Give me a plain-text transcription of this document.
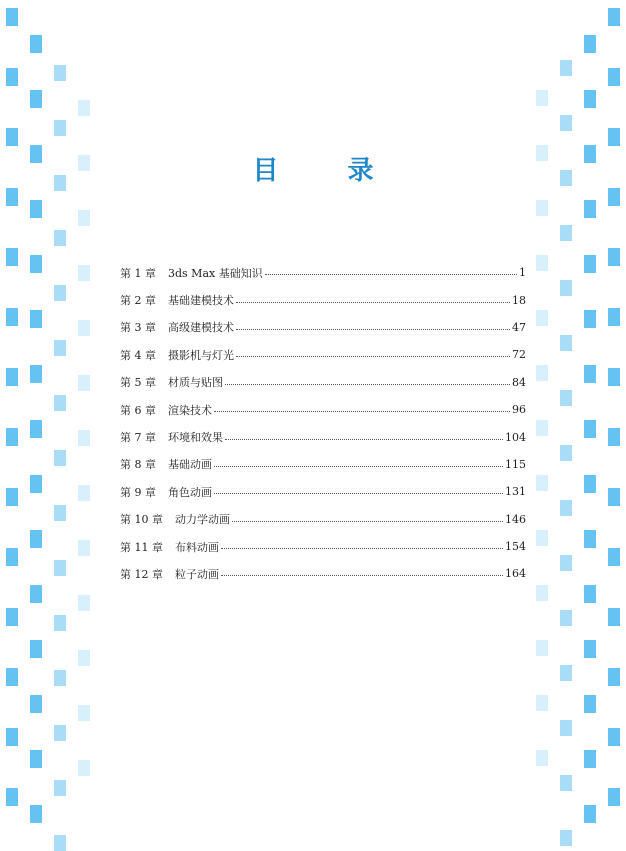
目 录
第 1 章 3ds Max 基础知识	1
第 2 章 基础建模技术	18
第 3 章 高级建模技术	47
第 4 章 摄影机与灯光	72
第 5 章 材质与贴图	84
第 6 章 渲染技术	96
第 7 章 环境和效果	104
第 8 章 基础动画	115
第 9 章 角色动画	131
第 10 章 动力学动画	146
第 11 章 布料动画	154
第 12 章 粒子动画	164
